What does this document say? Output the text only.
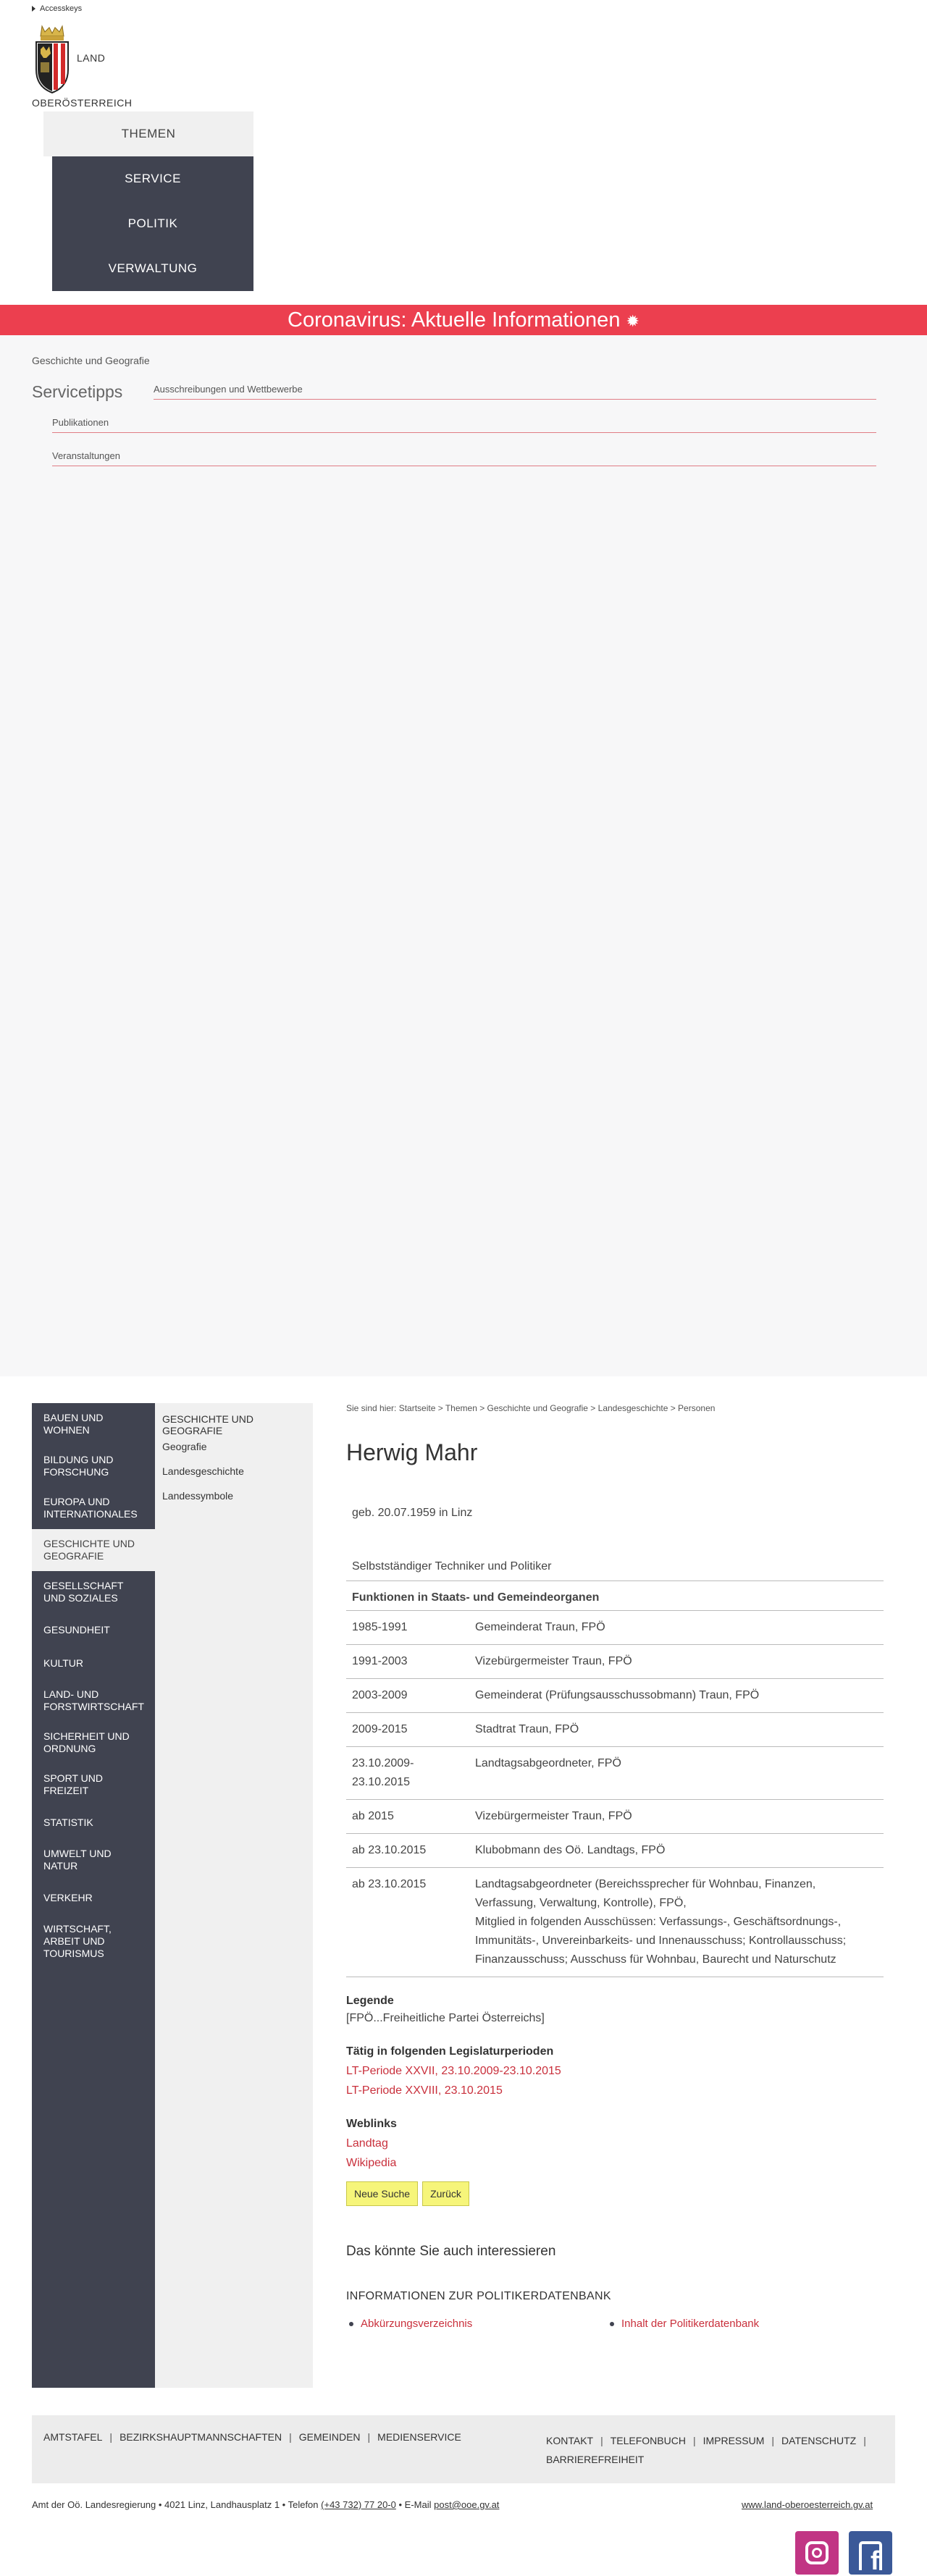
Accesskeys
LAND
OBERÖSTERREICH
THEMEN
SERVICE
POLITIK
VERWALTUNG
Coronavirus: Aktuelle Informationen ✹
Geschichte und Geografie
Servicetipps	Ausschreibungen und Wettbewerbe
Publikationen
Veranstaltungen
BAUEN UND WOHNEN
BILDUNG UND FORSCHUNG
EUROPA UND INTERNATIONALES
GESCHICHTE UND GEOGRAFIE
GESELLSCHAFT UND SOZIALES
GESUNDHEIT
KULTUR
LAND- UND FORSTWIRTSCHAFT
SICHERHEIT UND ORDNUNG
SPORT UND FREIZEIT
STATISTIK
UMWELT UND NATUR
VERKEHR
WIRTSCHAFT, ARBEIT UND TOURISMUS
GESCHICHTE UND GEOGRAFIE
Geografie
Landesgeschichte
Landessymbole
Sie sind hier: Startseite > Themen > Geschichte und Geografie > Landesgeschichte > Personen
Herwig Mahr
geb. 20.07.1959 in Linz
Selbstständiger Techniker und Politiker
Funktionen in Staats- und Gemeindeorganen	
1985-1991	Gemeinderat Traun, FPÖ
1991-2003	Vizebürgermeister Traun, FPÖ
2003-2009	Gemeinderat (Prüfungsausschussobmann) Traun, FPÖ
2009-2015	Stadtrat Traun, FPÖ
23.10.2009-
23.10.2015	Landtagsabgeordneter, FPÖ
ab 2015	Vizebürgermeister Traun, FPÖ
ab 23.10.2015	Klubobmann des Oö. Landtags, FPÖ
ab 23.10.2015	Landtagsabgeordneter (Bereichssprecher für Wohnbau, Finanzen, Verfassung, Verwaltung, Kontrolle), FPÖ,
Mitglied in folgenden Ausschüssen: Verfassungs-, Geschäftsordnungs-, Immunitäts-, Unvereinbarkeits- und Innenausschuss; Kontrollausschuss; Finanzausschuss; Ausschuss für Wohnbau, Baurecht und Naturschutz
Legende
[FPÖ...Freiheitliche Partei Österreichs]
Tätig in folgenden Legislaturperioden
LT-Periode XXVII, 23.10.2009-23.10.2015
LT-Periode XXVIII, 23.10.2015
Weblinks
Landtag
Wikipedia
Neue Suche	Zurück
Das könnte Sie auch interessieren
INFORMATIONEN ZUR POLITIKERDATENBANK
Abkürzungsverzeichnis	Inhalt der Politikerdatenbank
AMTSTAFEL | BEZIRKSHAUPTMANNSCHAFTEN | GEMEINDEN | MEDIENSERVICE	KONTAKT | TELEFONBUCH | IMPRESSUM | DATENSCHUTZ |
BARRIEREFREIHEIT
Amt der Oö. Landesregierung • 4021 Linz, Landhausplatz 1 • Telefon (+43 732) 77 20-0 • E-Mail post@ooe.gv.at	www.land-oberoesterreich.gv.at
f
